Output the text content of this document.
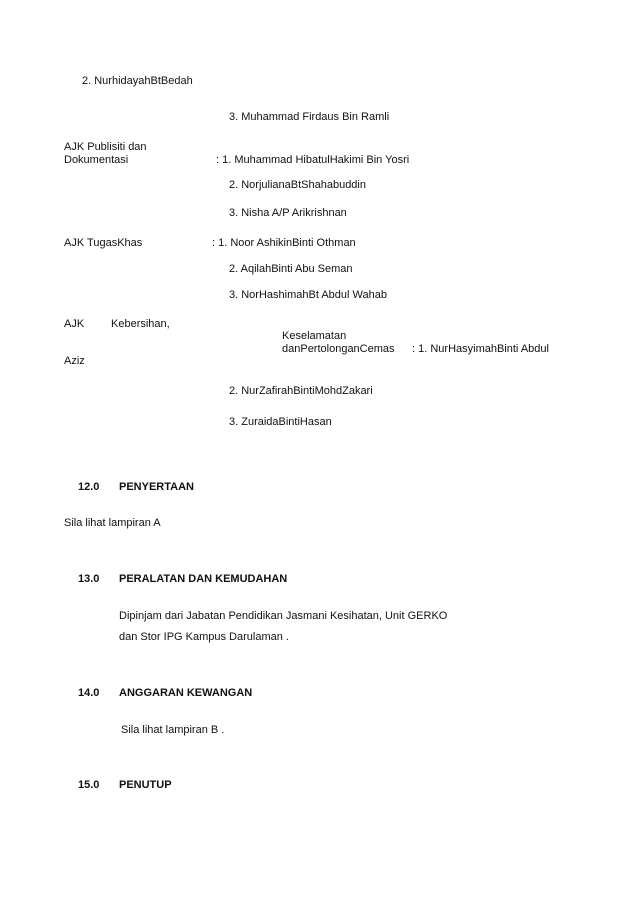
2. NurhidayahBtBedah
3. Muhammad Firdaus Bin Ramli
AJK Publisiti dan
Dokumentasi	: 1. Muhammad HibatulHakimi Bin Yosri
2. NorjulianaBtShahabuddin
3. Nisha A/P Arikrishnan
AJK TugasKhas	: 1. Noor AshikinBinti Othman
2. AqilahBinti Abu Seman
3. NorHashimahBt Abdul Wahab
AJK Kebersihan,
Keselamatan
danPertolonganCemas : 1. NurHasyimahBinti Abdul
Aziz
2. NurZafirahBintiMohdZakari
3. ZuraidaBintiHasan
12.0 PENYERTAAN
Sila lihat lampiran A
13.0 PERALATAN DAN KEMUDAHAN
Dipinjam dari Jabatan Pendidikan Jasmani Kesihatan, Unit GERKO
dan Stor IPG Kampus Darulaman .
14.0 ANGGARAN KEWANGAN
Sila lihat lampiran B .
15.0 PENUTUP
